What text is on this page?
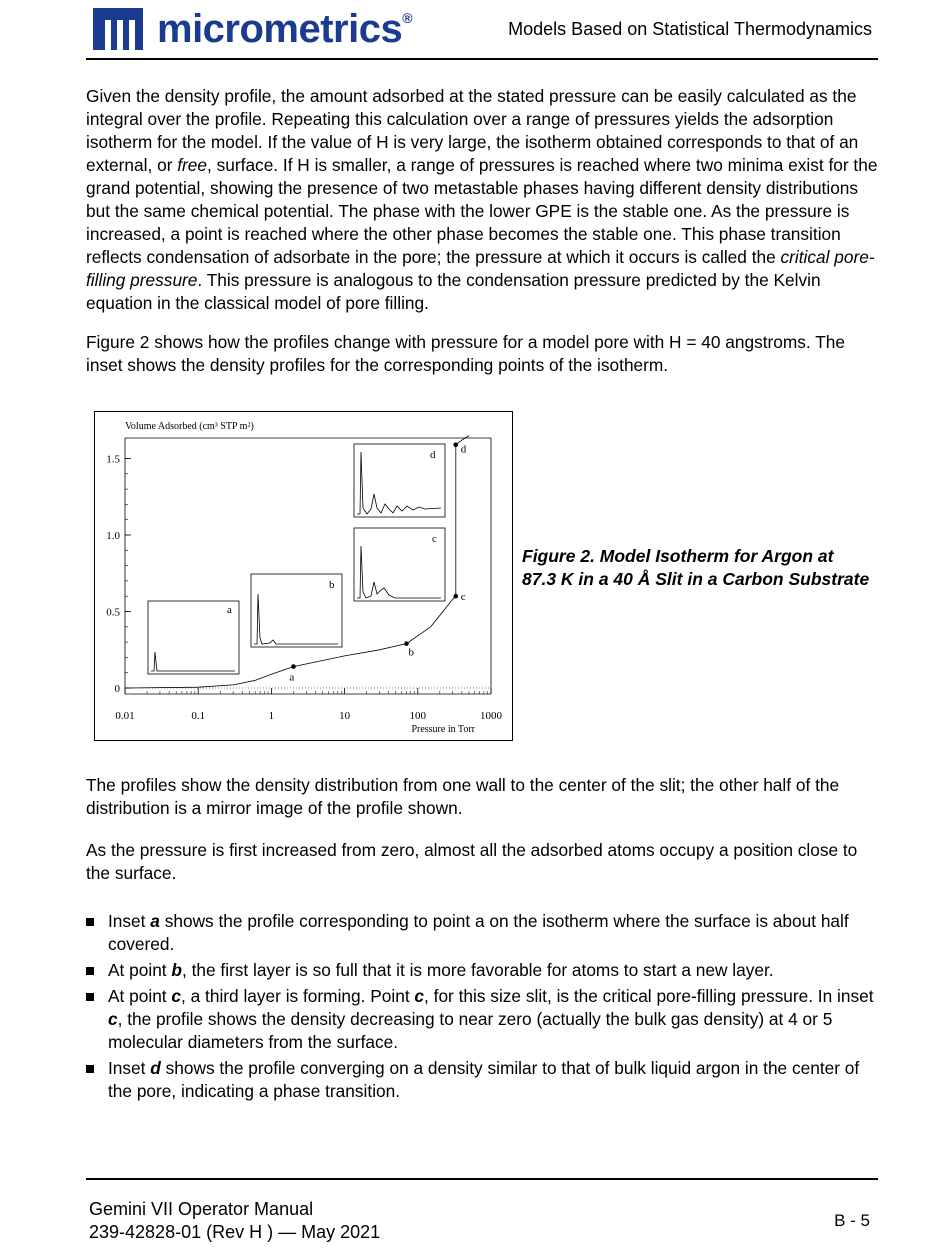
micrometrics®
Models Based on Statistical Thermodynamics

Given the density profile, the amount adsorbed at the stated pressure can be easily calculated as the integral over the profile. Repeating this calculation over a range of pressures yields the adsorption isotherm for the model. If the value of H is very large, the isotherm obtained corresponds to that of an external, or free, surface. If H is smaller, a range of pressures is reached where two minima exist for the grand potential, showing the presence of two metastable phases having different density distributions but the same chemical potential. The phase with the lower GPE is the stable one. As the pressure is increased, a point is reached where the other phase becomes the stable one. This phase transition reflects condensation of adsorbate in the pore; the pressure at which it occurs is called the critical pore-filling pressure. This pressure is analogous to the condensation pressure predicted by the Kelvin equation in the classical model of pore filling.

Figure 2 shows how the profiles change with pressure for a model pore with H = 40 angstroms. The inset shows the density profiles for the corresponding points of the isotherm.

Volume Adsorbed (cm³ STP m²)
Pressure in Torr
1.5
1.0
0.5
0
0.01	0.1	1	10	100	1000
a
b
c
d
a
b
c
d
Figure 2. Model Isotherm for Argon at 87.3 K in a 40 Å Slit in a Carbon Substrate

The profiles show the density distribution from one wall to the center of the slit; the other half of the distribution is a mirror image of the profile shown.

As the pressure is first increased from zero, almost all the adsorbed atoms occupy a position close to the surface.

Inset a shows the profile corresponding to point a on the isotherm where the surface is about half covered.
At point b, the first layer is so full that it is more favorable for atoms to start a new layer.
At point c, a third layer is forming. Point c, for this size slit, is the critical pore-filling pressure. In inset c, the profile shows the density decreasing to near zero (actually the bulk gas density) at 4 or 5 molecular diameters from the surface.
Inset d shows the profile converging on a density similar to that of bulk liquid argon in the center of the pore, indicating a phase transition.
Gemini VII Operator Manual
239-42828-01 (Rev H ) — May 2021
B - 5
